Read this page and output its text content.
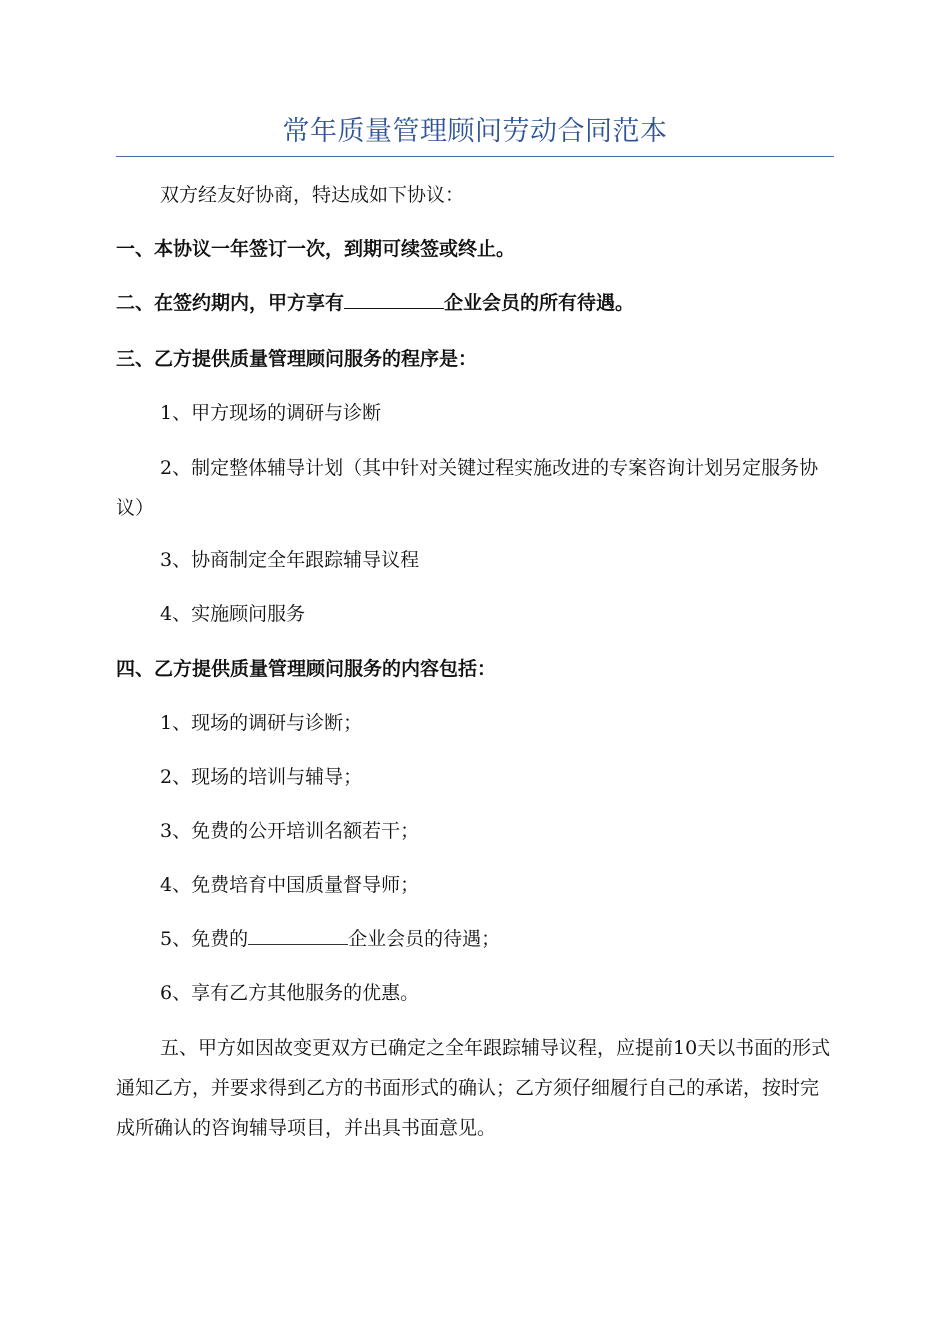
常年质量管理顾问劳动合同范本
双方经友好协商，特达成如下协议：
一、本协议一年签订一次，到期可续签或终止。
二、在签约期内，甲方享有	企业会员的所有待遇。
三、乙方提供质量管理顾问服务的程序是：
1、甲方现场的调研与诊断
2、制定整体辅导计划（其中针对关键过程实施改进的专案咨询计划另定服务协议）
3、协商制定全年跟踪辅导议程
4、实施顾问服务
四、乙方提供质量管理顾问服务的内容包括：
1、现场的调研与诊断；
2、现场的培训与辅导；
3、免费的公开培训名额若干；
4、免费培育中国质量督导师；
5、免费的	企业会员的待遇；
6、享有乙方其他服务的优惠。
五、甲方如因故变更双方已确定之全年跟踪辅导议程，应提前10天以书面的形式通知乙方，并要求得到乙方的书面形式的确认；乙方须仔细履行自己的承诺，按时完成所确认的咨询辅导项目，并出具书面意见。
